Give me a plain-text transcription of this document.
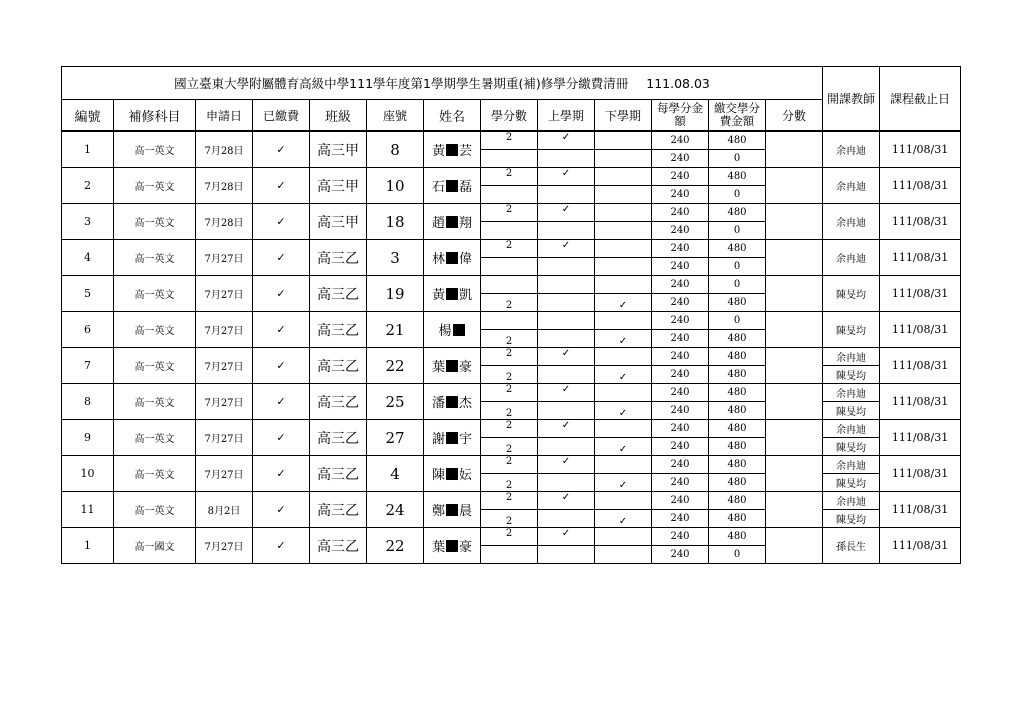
國立臺東大學附屬體育高級中學111學年度第1學期學生暑期重(補)修學分繳費清冊 111.08.03													開課教師	課程截止日
編號	補修科目	申請日	已繳費	班級	座號	姓名	學分數	上學期	下學期	每學分金額	繳交學分費金額	分數		
1	高一英文	7月28日	✓	高三甲	8	黃 芸	2	✓		240	480		余冉迪	111/08/31
										240	0			
2	高一英文	7月28日	✓	高三甲	10	石 磊	2	✓		240	480		余冉迪	111/08/31
										240	0			
3	高一英文	7月28日	✓	高三甲	18	趙 翔	2	✓		240	480		余冉迪	111/08/31
										240	0			
4	高一英文	7月27日	✓	高三乙	3	林 偉	2	✓		240	480		余冉迪	111/08/31
										240	0			
5	高一英文	7月27日	✓	高三乙	19	黃 凱				240	0		陳旻均	111/08/31
							2		✓	240	480			
6	高一英文	7月27日	✓	高三乙	21	楊				240	0		陳旻均	111/08/31
							2		✓	240	480			
7	高一英文	7月27日	✓	高三乙	22	葉 豪	2	✓		240	480		余冉迪	111/08/31
							2		✓	240	480		陳旻均	
8	高一英文	7月27日	✓	高三乙	25	潘 杰	2	✓		240	480		余冉迪	111/08/31
							2		✓	240	480		陳旻均	
9	高一英文	7月27日	✓	高三乙	27	謝 宇	2	✓		240	480		余冉迪	111/08/31
							2		✓	240	480		陳旻均	
10	高一英文	7月27日	✓	高三乙	4	陳 妘	2	✓		240	480		余冉迪	111/08/31
							2		✓	240	480		陳旻均	
11	高一英文	8月2日	✓	高三乙	24	鄭 晨	2	✓		240	480		余冉迪	111/08/31
							2		✓	240	480		陳旻均	
1	高一國文	7月27日	✓	高三乙	22	葉 豪	2	✓		240	480		孫長生	111/08/31
										240	0			
